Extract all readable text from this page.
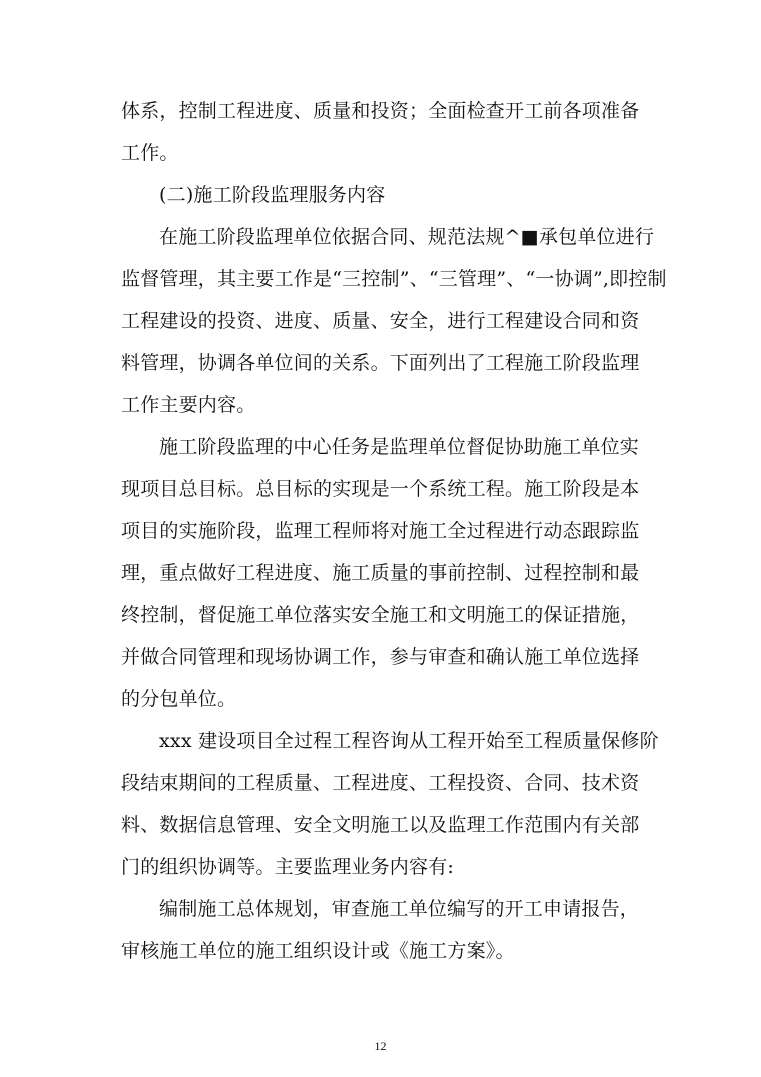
体系，控制工程进度、质量和投资；全面检查开工前各项准备
工作。
(二)施工阶段监理服务内容
在施工阶段监理单位依据合同、规范法规^■承包单位进行
监督管理，其主要工作是“三控制”、“三管理”、“一协调”,即控制
工程建设的投资、进度、质量、安全，进行工程建设合同和资
料管理，协调各单位间的关系。下面列出了工程施工阶段监理
工作主要内容。
施工阶段监理的中心任务是监理单位督促协助施工单位实
现项目总目标。总目标的实现是一个系统工程。施工阶段是本
项目的实施阶段，监理工程师将对施工全过程进行动态跟踪监
理，重点做好工程进度、施工质量的事前控制、过程控制和最
终控制，督促施工单位落实安全施工和文明施工的保证措施，
并做合同管理和现场协调工作，参与审查和确认施工单位选择
的分包单位。
xxx 建设项目全过程工程咨询从工程开始至工程质量保修阶
段结束期间的工程质量、工程进度、工程投资、合同、技术资
料、数据信息管理、安全文明施工以及监理工作范围内有关部
门的组织协调等。主要监理业务内容有:
编制施工总体规划，审查施工单位编写的开工申请报告，
审核施工单位的施工组织设计或《施工方案》。
12
